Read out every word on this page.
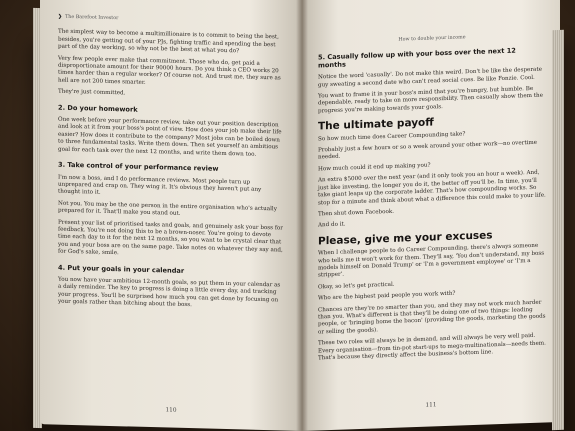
❯ The Barefoot Investor

The simplest way to become a multimillionaire is to commit to being the best, besides, you're getting out of your PJs, fighting traffic and spending the best part of the day working, so why not be the best at what you do?

Very few people ever make that commitment. Those who do, get paid a disproportionate amount for their 90000 hours. Do you think a CEO works 20 times harder than a regular worker? Of course not. And trust me, they sure as hell are not 200 times smarter.

They're just committed.

2. Do your homework

One week before your performance review, take out your position description and look at it from your boss's point of view. How does your job make their life easier? How does it contribute to the company? Most jobs can be boiled down to three fundamental tasks. Write them down. Then set yourself an ambitious goal for each task over the next 12 months, and write them down too.

3. Take control of your performance review

I'm now a boss, and I do performance reviews. Most people turn up unprepared and crap on. They wing it. It's obvious they haven't put any thought into it.

Not you. You may be the one person in the entire organisation who's actually prepared for it. That'll make you stand out.

Present your list of prioritised tasks and goals, and genuinely ask your boss for feedback. You're not doing this to be a brown-noser. You're going to devote time each day to it for the next 12 months, so you want to be crystal clear that you and your boss are on the same page. Take notes on whatever they say and, for God's sake, smile.

4. Put your goals in your calendar

You now have your ambitious 12-month goals, so put them in your calendar as a daily reminder. The key to progress is doing a little every day, and tracking your progress. You'll be surprised how much you can get done by focusing on your goals rather than bitching about the boss.

110
How to double your income
5. Casually follow up with your boss over the next 12 months

Notice the word 'casually'. Do not make this weird. Don't be like the desperate guy sweating a second date who can't read social cues. Be like Fonzie. Cool.

You want to frame it in your boss's mind that you're hungry, but humble. Be dependable, ready to take on more responsibility. Then casually show them the progress you're making towards your goals.

The ultimate payoff

So how much time does Career Compounding take?

Probably just a few hours or so a week around your other work—no overtime needed.

How much could it end up making you?

An extra $5000 over the next year (and it only took you an hour a week). And, just like investing, the longer you do it, the better off you'll be. In time, you'll take giant leaps up the corporate ladder. That's how compounding works. So stop for a minute and think about what a difference this could make to your life.

Then shut down Facebook.

And do it.

Please, give me your excuses

When I challenge people to do Career Compounding, there's always someone who tells me it won't work for them. They'll say, 'You don't understand, my boss models himself on Donald Trump' or 'I'm a government employee' or 'I'm a stripper'.

Okay, so let's get practical.

Who are the highest paid people you work with?

Chances are they're no smarter than you, and they may not work much harder than you. What's different is that they'll be doing one of two things: leading people, or 'bringing home the bacon' (providing the goods, marketing the goods or selling the goods).

These two roles will always be in demand, and will always be very well paid. Every organisation—from tin-pot start-ups to mega-multinationals—needs them. That's because they directly affect the business's bottom line.

111
